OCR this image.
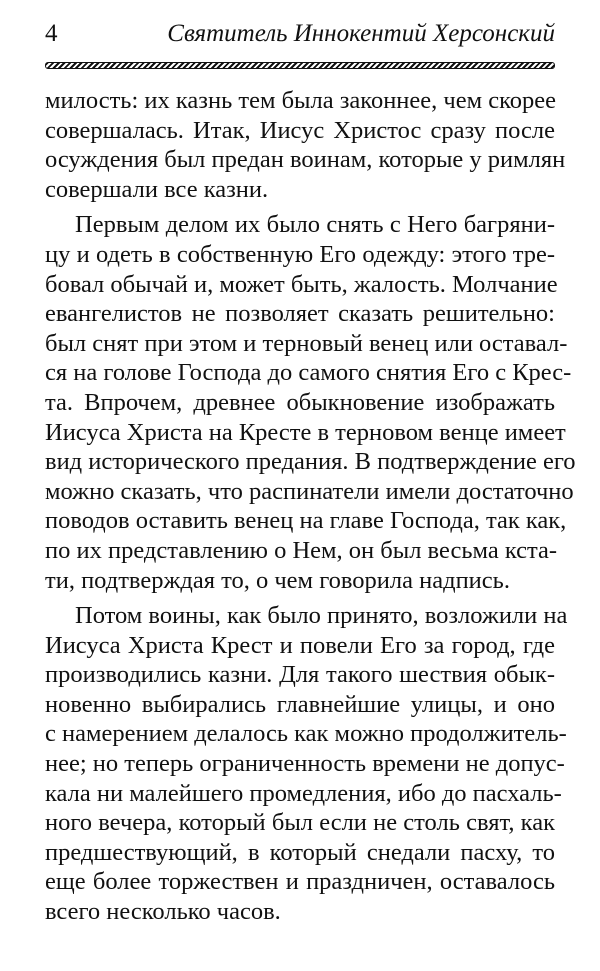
4	Святитель Иннокентий Херсонский
милость: их казнь тем была законнее, чем скорее
совершалась. Итак, Иисус Христос сразу после
осуждения был предан воинам, которые у римлян
совершали все казни.
Первым делом их было снять с Него багряни-
цу и одеть в собственную Его одежду: этого тре-
бовал обычай и, может быть, жалость. Молчание
евангелистов не позволяет сказать решительно:
был снят при этом и терновый венец или оставал-
ся на голове Господа до самого снятия Его с Крес-
та. Впрочем, древнее обыкновение изображать
Иисуса Христа на Кресте в терновом венце имеет
вид исторического предания. В подтверждение его
можно сказать, что распинатели имели достаточно
поводов оставить венец на главе Господа, так как,
по их представлению о Нем, он был весьма кста-
ти, подтверждая то, о чем говорила надпись.
Потом воины, как было принято, возложили на
Иисуса Христа Крест и повели Его за город, где
производились казни. Для такого шествия обык-
новенно выбирались главнейшие улицы, и оно
с намерением делалось как можно продолжитель-
нее; но теперь ограниченность времени не допус-
кала ни малейшего промедления, ибо до пасхаль-
ного вечера, который был если не столь свят, как
предшествующий, в который снедали пасху, то
еще более торжествен и праздничен, оставалось
всего несколько часов.
